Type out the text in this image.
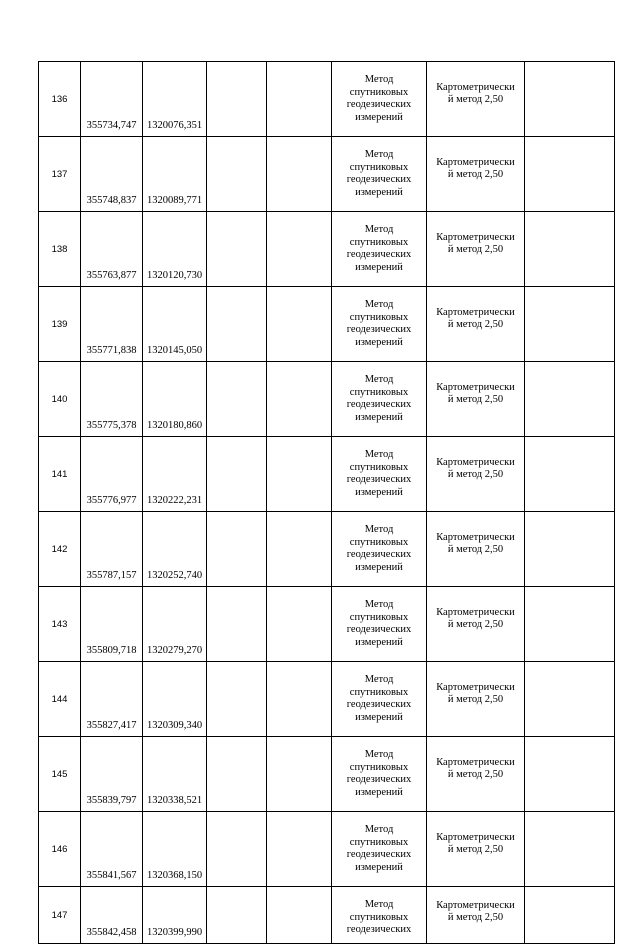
136	355734,747	1320076,351			Метод
спутниковых
геодезических
измерений	Картометрически
й метод 2,50	

137	355748,837	1320089,771			Метод
спутниковых
геодезических
измерений	Картометрически
й метод 2,50	

138	355763,877	1320120,730			Метод
спутниковых
геодезических
измерений	Картометрически
й метод 2,50	

139	355771,838	1320145,050			Метод
спутниковых
геодезических
измерений	Картометрически
й метод 2,50	

140	355775,378	1320180,860			Метод
спутниковых
геодезических
измерений	Картометрически
й метод 2,50	

141	355776,977	1320222,231			Метод
спутниковых
геодезических
измерений	Картометрически
й метод 2,50	

142	355787,157	1320252,740			Метод
спутниковых
геодезических
измерений	Картометрически
й метод 2,50	

143	355809,718	1320279,270			Метод
спутниковых
геодезических
измерений	Картометрически
й метод 2,50	

144	355827,417	1320309,340			Метод
спутниковых
геодезических
измерений	Картометрически
й метод 2,50	

145	355839,797	1320338,521			Метод
спутниковых
геодезических
измерений	Картометрически
й метод 2,50	

146	355841,567	1320368,150			Метод
спутниковых
геодезических
измерений	Картометрически
й метод 2,50	

147	355842,458	1320399,990			Метод
спутниковых
геодезических	Картометрически
й метод 2,50	
